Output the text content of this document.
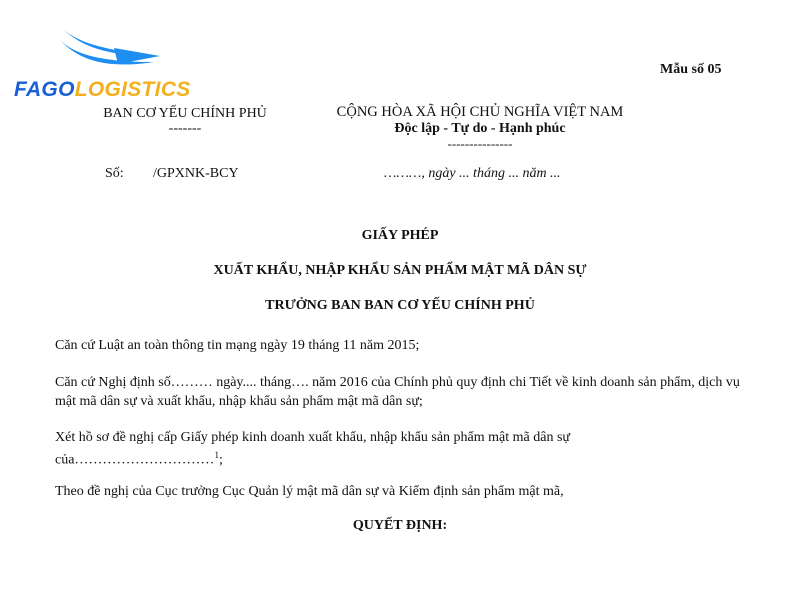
FAGOLOGISTICS
Mẫu số 05
BAN CƠ YẾU CHÍNH PHỦ
-------
CỘNG HÒA XÃ HỘI CHỦ NGHĨA VIỆT NAM
Độc lập - Tự do - Hạnh phúc
---------------
Số: /GPXNK-BCY	………, ngày ... tháng ... năm ...
GIẤY PHÉP
XUẤT KHẨU, NHẬP KHẨU SẢN PHẨM MẬT MÃ DÂN SỰ
TRƯỞNG BAN BAN CƠ YẾU CHÍNH PHỦ
Căn cứ Luật an toàn thông tin mạng ngày 19 tháng 11 năm 2015;
Căn cứ Nghị định số……… ngày.... tháng…. năm 2016 của Chính phủ quy định chi Tiết về kinh doanh sản phẩm, dịch vụ mật mã dân sự và xuất khẩu, nhập khẩu sản phẩm mật mã dân sự;
Xét hồ sơ đề nghị cấp Giấy phép kinh doanh xuất khẩu, nhập khẩu sản phẩm mật mã dân sự
của…………………………$^1$;
Theo đề nghị của Cục trưởng Cục Quản lý mật mã dân sự và Kiểm định sản phẩm mật mã,
QUYẾT ĐỊNH:
